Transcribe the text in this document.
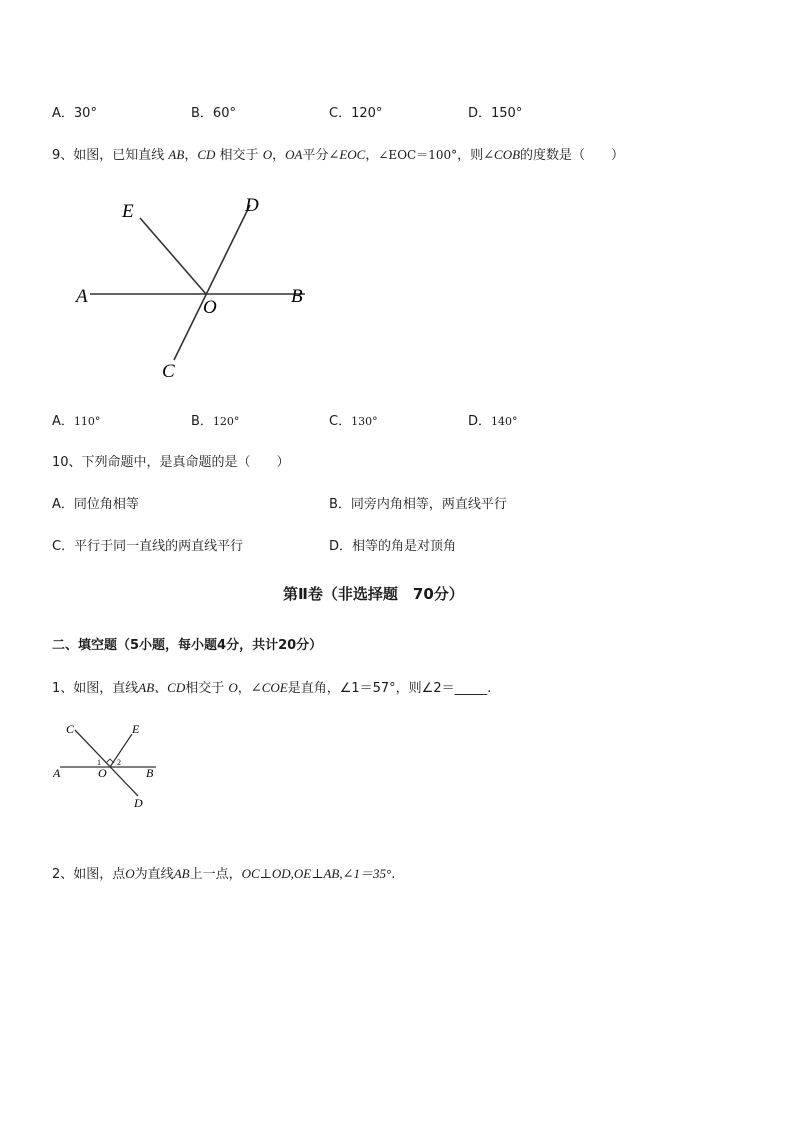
A．30°	B．60°	C．120°	D．150°
9、如图，已知直线 AB，CD 相交于 O，OA平分∠EOC，∠EOC＝100°，则∠COB的度数是（　　）
E	D
A
O
B
C
A．110°	B．120°	C．130°	D．140°
10、下列命题中，是真命题的是（　　）
A．同位角相等	B．同旁内角相等，两直线平行
C．平行于同一直线的两直线平行	D．相等的角是对顶角
第Ⅱ卷（非选择题　70分）
二、填空题（5小题，每小题4分，共计20分）
1、如图，直线AB、CD相交于 O，∠COE是直角，∠1＝57°，则∠2＝_____.
C	E
A	O	B
D
1 2
2、如图，点O为直线AB上一点，OC⊥OD,OE⊥AB,∠1＝35°.
